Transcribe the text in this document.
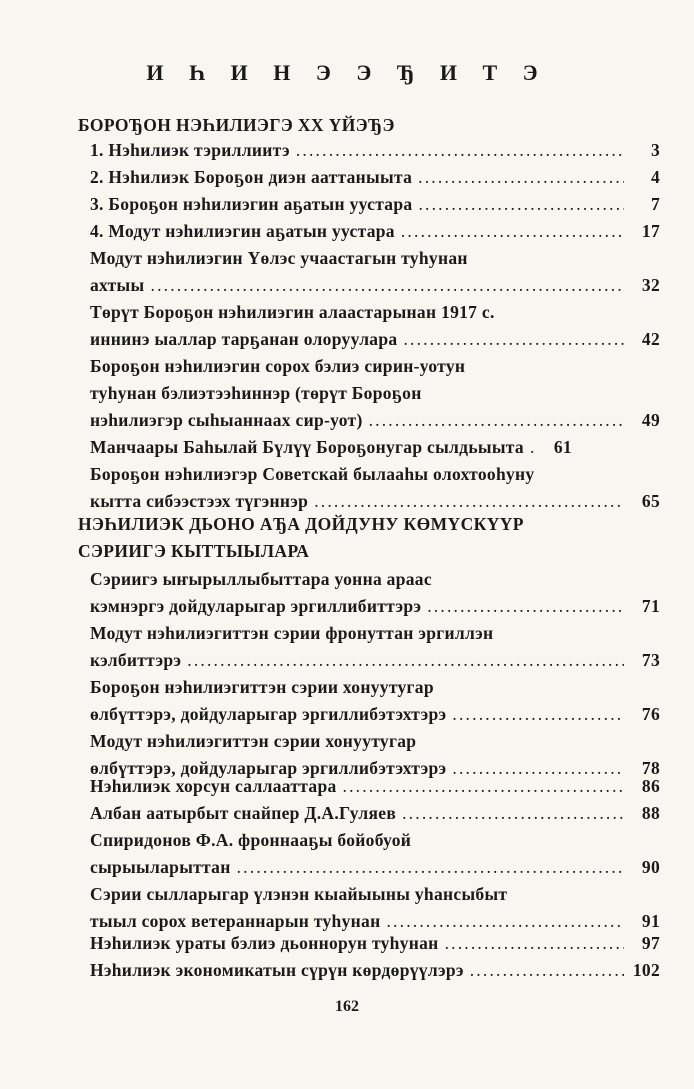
И Һ И Н Э Э Ђ И Т Э
БОРОЂОН НЭҺИЛИЭГЭ ХХ ҮЙЭЂЭ
1. Нэһилиэк тэриллиитэ .....	3
2. Нэһилиэк Бороҕон диэн ааттаныыта .....	4
3. Бороҕон нэһилиэгин аҕатын уустара .....	7
4. Модут нэһилиэгин аҕатын уустара .....	17
Модут нэһилиэгин Үөлэс учаастагын туһунан
ахтыы .....	32
Төрүт Бороҕон нэһилиэгин алаастарынан 1917 с.
иннинэ ыаллар тарҕанан олоруулара .....	42
Бороҕон нэһилиэгин сорох бэлиэ сирин-уотун
туһунан бэлиэтээһиннэр (төрүт Бороҕон
нэһилиэгэр сыһыаннаах сир-уот) .....	49
Манчаары Баһылай Бүлүү Бороҕонугар сылдьыыта .....	61
Бороҕон нэһилиэгэр Советскай былааһы олохтооһуну
кытта сибээстээх түгэннэр .....	65
НЭҺИЛИЭК ДЬОНО АЂА ДОЙДУНУ КӨМҮСКҮҮР
СЭРИИГЭ КЫТТЫЫЛАРА
Сэриигэ ыҥырыллыбыттара уонна араас
кэмнэргэ дойдуларыгар эргиллибиттэрэ .....	71
Модут нэһилиэгиттэн сэрии фронуттан эргиллэн
кэлбиттэрэ .....	73
Бороҕон нэһилиэгиттэн сэрии хонуутугар
өлбүттэрэ, дойдуларыгар эргиллибэтэхтэрэ .....	76
Модут нэһилиэгиттэн сэрии хонуутугар
өлбүттэрэ, дойдуларыгар эргиллибэтэхтэрэ .....	78
Нэһилиэк хорсун саллааттара .....	86
Албан аатырбыт снайпер Д.А.Гуляев .....	88
Спиридонов Ф.А. фроннааҕы бойобуой
сырыыларыттан .....	90
Сэрии сылларыгар үлэнэн кыайыыны уһансыбыт
тыыл сорох ветераннарын туһунан .....	91
Нэһилиэк ураты бэлиэ дьоннорун туһунан .....	97
Нэһилиэк экономикатын сүрүн көрдөрүүлэрэ .....	102
162
